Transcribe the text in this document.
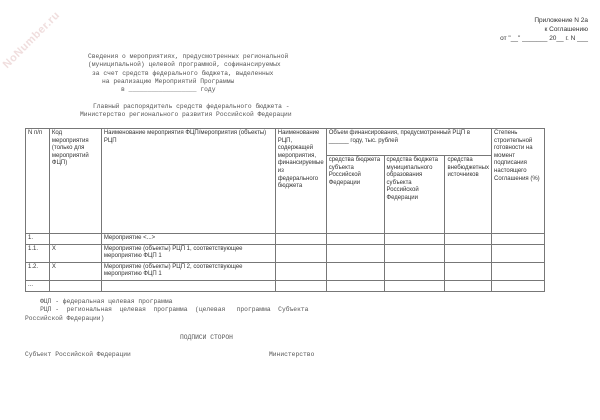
NoNumber.ru	Приложение N 2а
к Соглашению
от "__" _______ 20__ г. N ___
Сведения о мероприятиях, предусмотренных региональной
(муниципальной) целевой программой, софинансируемых
за счет средств федерального бюджета, выделенных
на реализацию Мероприятий Программы
в __________________ году
Главный распорядитель средств федерального бюджета -
Министерство регионального развития Российской Федерации
N п/п	Код мероприятия (только для мероприятий ФЦП)	Наименование мероприятия ФЦП/мероприятия (объекты) РЦП	Наименование РЦП, содержащей мероприятия, финансируемые из федерального бюджета	Объем финансирования, предусмотренный РЦП в ______ году, тыс. рублей			Степень строительной готовности на момент подписания настоящего Соглашения (%)
				средства бюджета субъекта Российской Федерации	средства бюджета муниципального образования субъекта Российской Федерации	средства внебюджетных источников	
1.		Мероприятие <...>					
1.1.	X	Мероприятие (объекты) РЦП 1, соответствующее мероприятию ФЦП 1					
1.2.	X	Мероприятие (объекты) РЦП 2, соответствующее мероприятию ФЦП 1					
...							
ФЦП - федеральная целевая программа
РЦП -  региональная  целевая  программа  (целевая   программа  Субъекта
Российской Федерации)
ПОДПИСИ СТОРОН
Субъект Российской Федерации	Министерство
